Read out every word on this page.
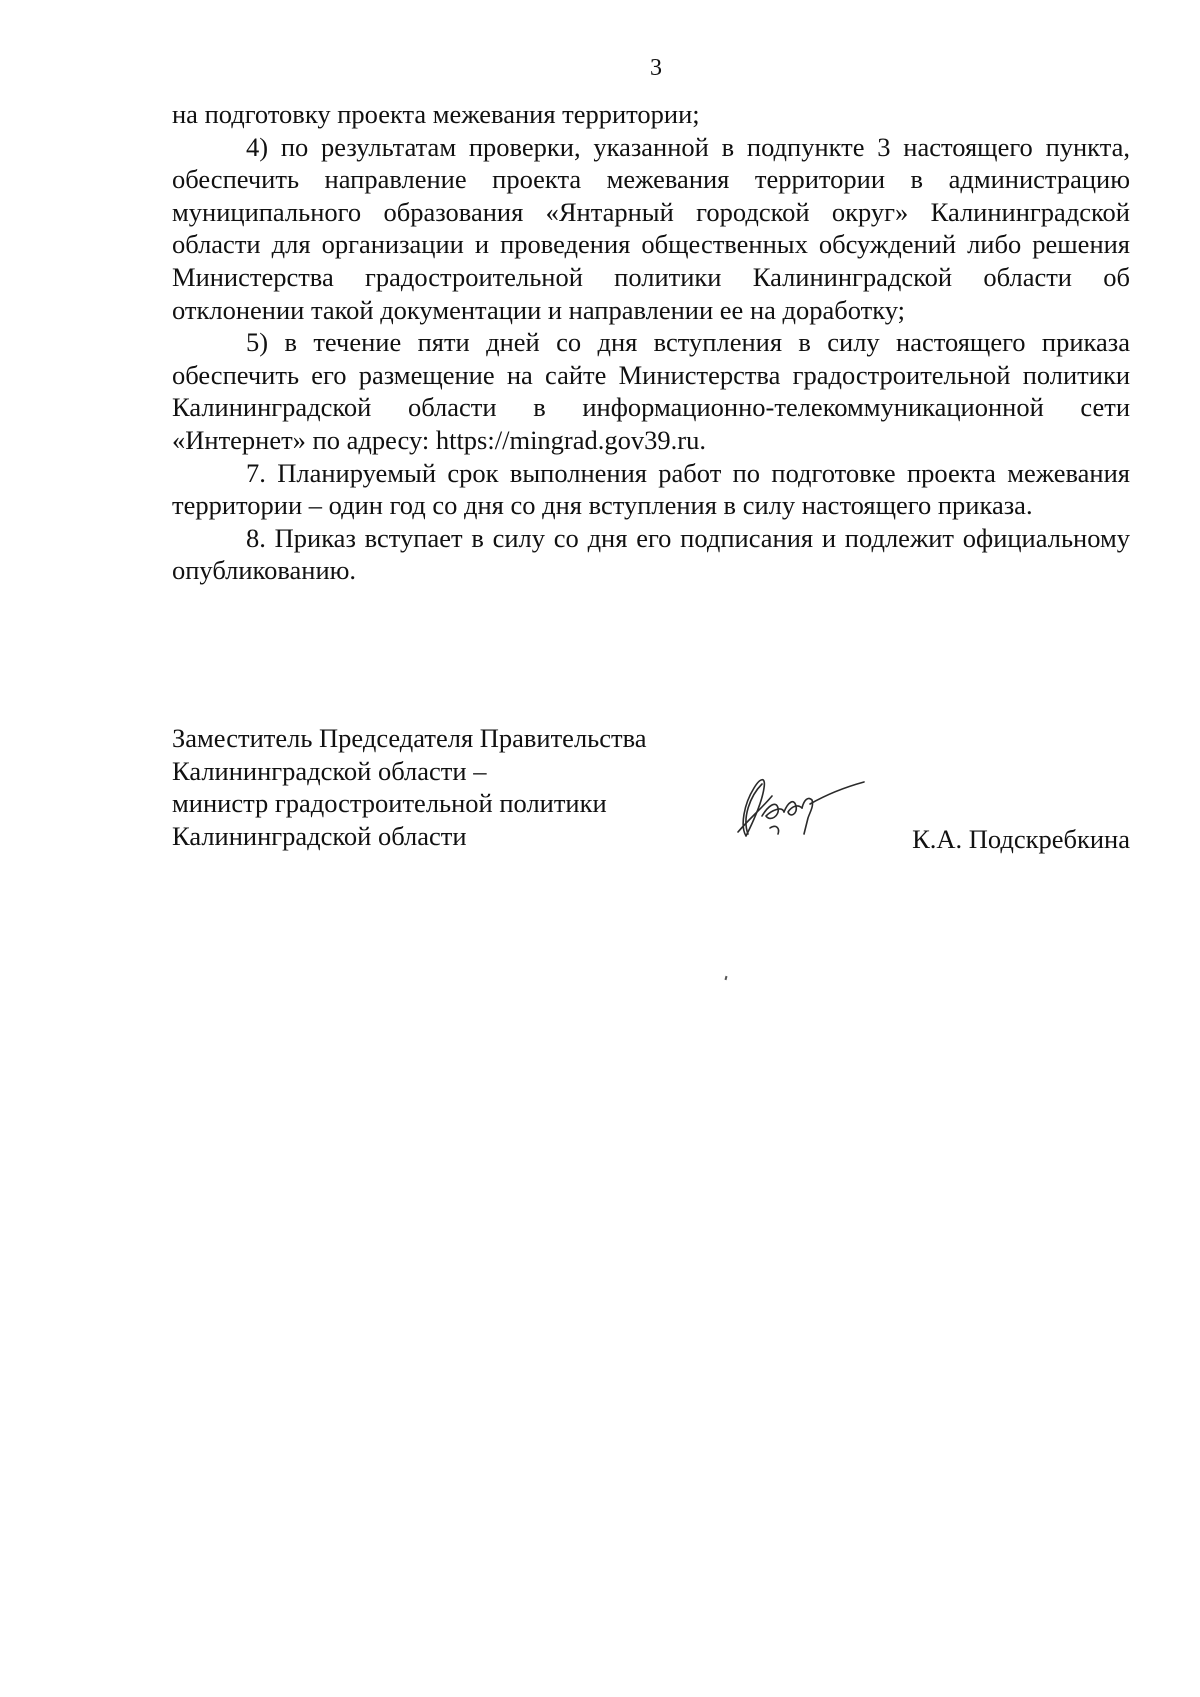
3

на подготовку проекта межевания территории;

4) по результатам проверки, указанной в подпункте 3 настоящего пункта, обеспечить направление проекта межевания территории в администрацию муниципального образования «Янтарный городской округ» Калининградской области для организации и проведения общественных обсуждений либо решения Министерства градостроительной политики Калининградской области об отклонении такой документации и направлении ее на доработку;

5) в течение пяти дней со дня вступления в силу настоящего приказа обеспечить его размещение на сайте Министерства градостроительной политики Калининградской области в информационно-телекоммуникационной сети «Интернет» по адресу: https://mingrad.gov39.ru.

7. Планируемый срок выполнения работ по подготовке проекта межевания территории – один год со дня со дня вступления в силу настоящего приказа.

8. Приказ вступает в силу со дня его подписания и подлежит официальному опубликованию.

Заместитель Председателя Правительства
Калининградской области –
министр градостроительной политики
Калининградской области	К.А. Подскребкина
